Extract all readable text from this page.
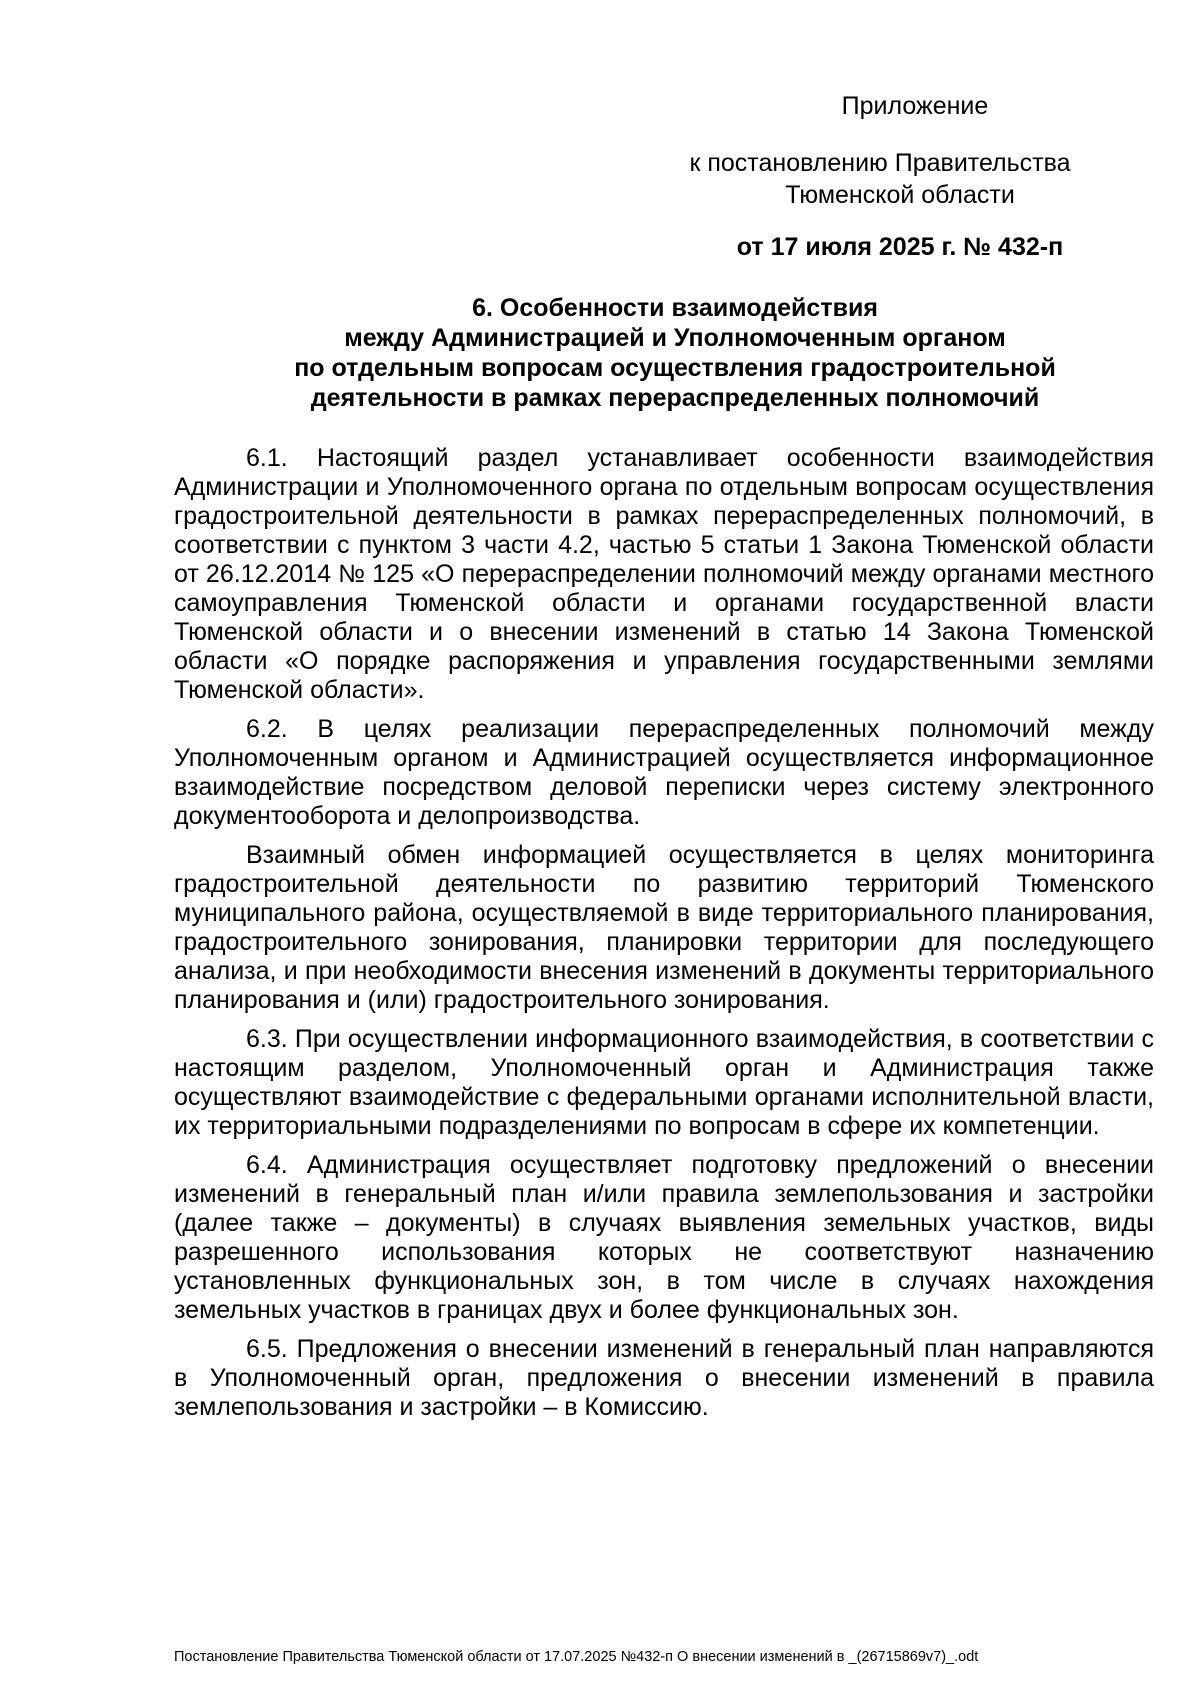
Приложение
к постановлению Правительства
Тюменской области
от 17 июля 2025 г. № 432-п
6. Особенности взаимодействия
между Администрацией и Уполномоченным органом
по отдельным вопросам осуществления градостроительной
деятельности в рамках перераспределенных полномочий

6.1. Настоящий раздел устанавливает особенности взаимодействия Администрации и Уполномоченного органа по отдельным вопросам осуществления градостроительной деятельности в рамках перераспределенных полномочий, в соответствии с пунктом 3 части 4.2, частью 5 статьи 1 Закона Тюменской области от 26.12.2014 № 125 «О перераспределении полномочий между органами местного самоуправления Тюменской области и органами государственной власти Тюменской области и о внесении изменений в статью 14 Закона Тюменской области «О порядке распоряжения и управления государственными землями Тюменской области».

6.2. В целях реализации перераспределенных полномочий между Уполномоченным органом и Администрацией осуществляется информационное взаимодействие посредством деловой переписки через систему электронного документооборота и делопроизводства.

Взаимный обмен информацией осуществляется в целях мониторинга градостроительной деятельности по развитию территорий Тюменского муниципального района, осуществляемой в виде территориального планирования, градостроительного зонирования, планировки территории для последующего анализа, и при необходимости внесения изменений в документы территориального планирования и (или) градостроительного зонирования.

6.3. При осуществлении информационного взаимодействия, в соответствии с настоящим разделом, Уполномоченный орган и Администрация также осуществляют взаимодействие с федеральными органами исполнительной власти, их территориальными подразделениями по вопросам в сфере их компетенции.

6.4. Администрация осуществляет подготовку предложений о внесении изменений в генеральный план и/или правила землепользования и застройки (далее также – документы) в случаях выявления земельных участков, виды разрешенного использования которых не соответствуют назначению установленных функциональных зон, в том числе в случаях нахождения земельных участков в границах двух и более функциональных зон.

6.5. Предложения о внесении изменений в генеральный план направляются в Уполномоченный орган, предложения о внесении изменений в правила землепользования и застройки – в Комиссию.

Постановление Правительства Тюменской области от 17.07.2025 №432-п О внесении изменений в _(26715869v7)_.odt
